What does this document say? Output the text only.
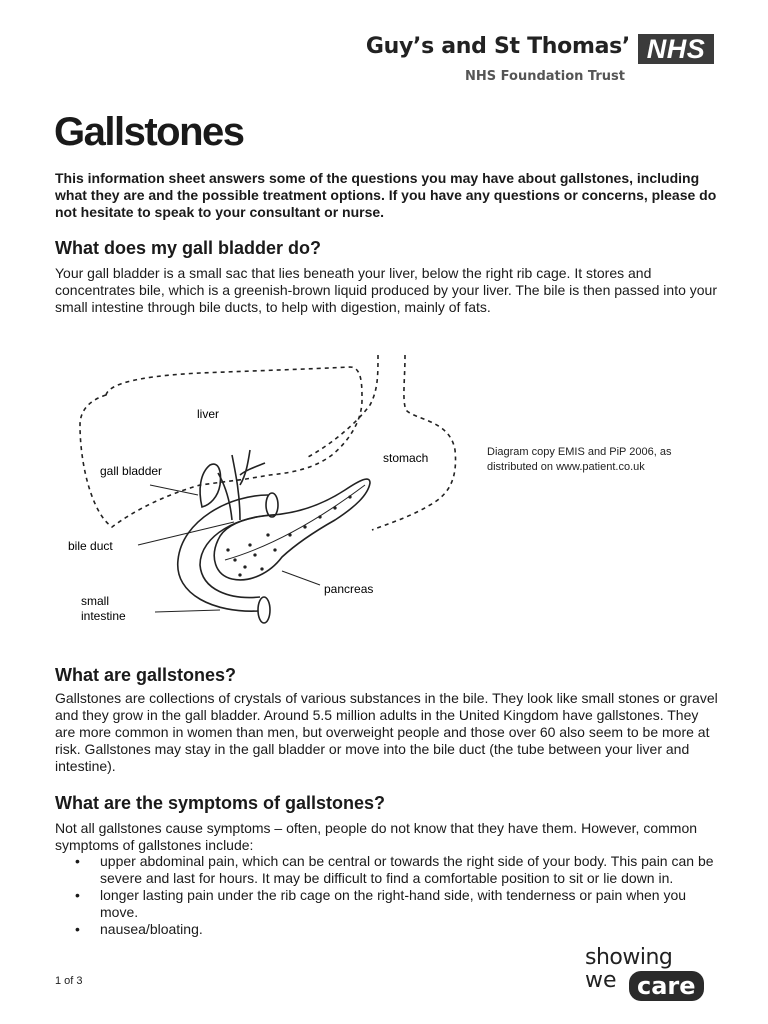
Guy’s and St Thomas’ NHS
NHS Foundation Trust
Gallstones

This information sheet answers some of the questions you may have about gallstones, including what they are and the possible treatment options. If you have any questions or concerns, please do not hesitate to speak to your consultant or nurse.

What does my gall bladder do?

Your gall bladder is a small sac that lies beneath your liver, below the right rib cage. It stores and concentrates bile, which is a greenish-brown liquid produced by your liver. The bile is then passed into your small intestine through bile ducts, to help with digestion, mainly of fats.

liver
gall bladder
stomach
bile duct
pancreas
small
intestine
Diagram copy EMIS and PiP 2006, as distributed on www.patient.co.uk
What are gallstones?

Gallstones are collections of crystals of various substances in the bile. They look like small stones or gravel and they grow in the gall bladder. Around 5.5 million adults in the United Kingdom have gallstones. They are more common in women than men, but overweight people and those over 60 also seem to be more at risk. Gallstones may stay in the gall bladder or move into the bile duct (the tube between your liver and intestine).

What are the symptoms of gallstones?

Not all gallstones cause symptoms – often, people do not know that they have them. However, common symptoms of gallstones include:

• upper abdominal pain, which can be central or towards the right side of your body. This pain can be severe and last for hours. It may be difficult to find a comfortable position to sit or lie down in.
• longer lasting pain under the rib cage on the right-hand side, with tenderness or pain when you move.
• nausea/bloating.
1 of 3
showing
we care
